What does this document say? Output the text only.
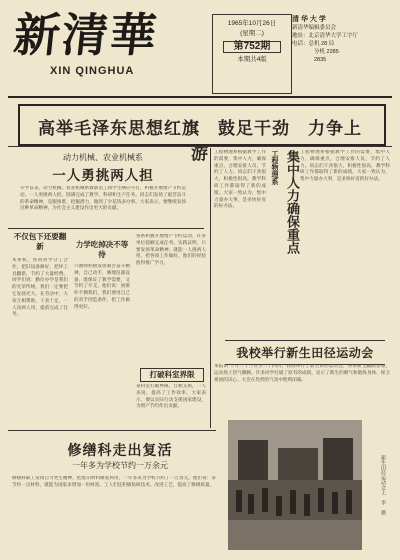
新清華
XIN QINGHUA
1965年10月26日
(星期二)
第752期
本期共4版
清 华 大 学
新清华编辑委员会
地址：北京清华大学工字厅
电话：总机 28 局
分机 2285
2835
高举毛泽东思想红旗　鼓足干劲　力争上游
动力机械、农业机械系
一人勇挑两人担
开学以来，动力机械、农业机械系教职员工和学生响应号召，积极开展增产节约运动，一人勇挑两人担，圆满完成了教学、科研和生产任务。同志们发扬了艰苦奋斗的革命精神，克服困难，挖掘潜力，做到了少花钱多办事。大家表示，要继续发扬这种革命精神，为社会主义建设作出更大的贡献。
不仅包下还要翻新
本系机，各班同学分工合作，把旧设备修好，把坏工具翻新，节约了大量经费。同学们说：勤俭办学是我们的光荣传统，我们一定要把它发扬光大。在劳动中，大家互相帮助，干劲十足，一人顶两人用，提前完成了任务。
力学吃掉决不等待
六教师积极发扬艰苦奋斗精神，自己动手，修理仪器设备，既保证了教学需要，又节约了开支。他们说：困难吓不倒我们，我们要用自己的双手创造条件，把工作做得更好。
各系积极开展增产节约运动，许多单位超额完成任务。实践证明，只要发扬革命精神，就能一人挑两人担，把各项工作做好。他们的经验值得推广学习。
打破科室界限
某科室打破界限，互相支援，一人多岗，提高了工作效率。大家表示，要以实际行动支援国家建设，为增产节约作出贡献。
工程物理系根据教学工作的需要，集中人力，确保重点，合理安排人员，节约了人力。同志们干劲很大，积极性很高，教学科研工作都取得了新的成绩。大家一致认为，集中力量办大事，是多快好省的好办法。
工程物理系 集中人力确保重点 工程物理系根据教学工作的需要，集中人力，确保重点，合理安排人员，节约了人力。同志们干劲很大，积极性很高，教学科研工作都取得了新的成绩。大家一致认为，集中力量办大事，是多快好省的好办法。
我校举行新生田径运动会
本报讯 十月二十三日至二十四日，我校举行了新生田径运动会，各系新生踊跃参加，运动场上热气腾腾。许多同学打破了原有的成绩，显示了新生的朝气和锻炼身体、保卫祖国的决心。大会在热烈的气氛中胜利闭幕。
修缮科走出复活
一年多为学校节约一万余元
修缮科职工发扬自力更生精神，把废旧材料修复利用，一年多来为学校节约了一万余元。他们说：多节约一点材料，就能为国家多增加一份财富。工人们还积极钻研技术，改进工艺，提高了修缮质量。	新生田径运动会上　李　摄
